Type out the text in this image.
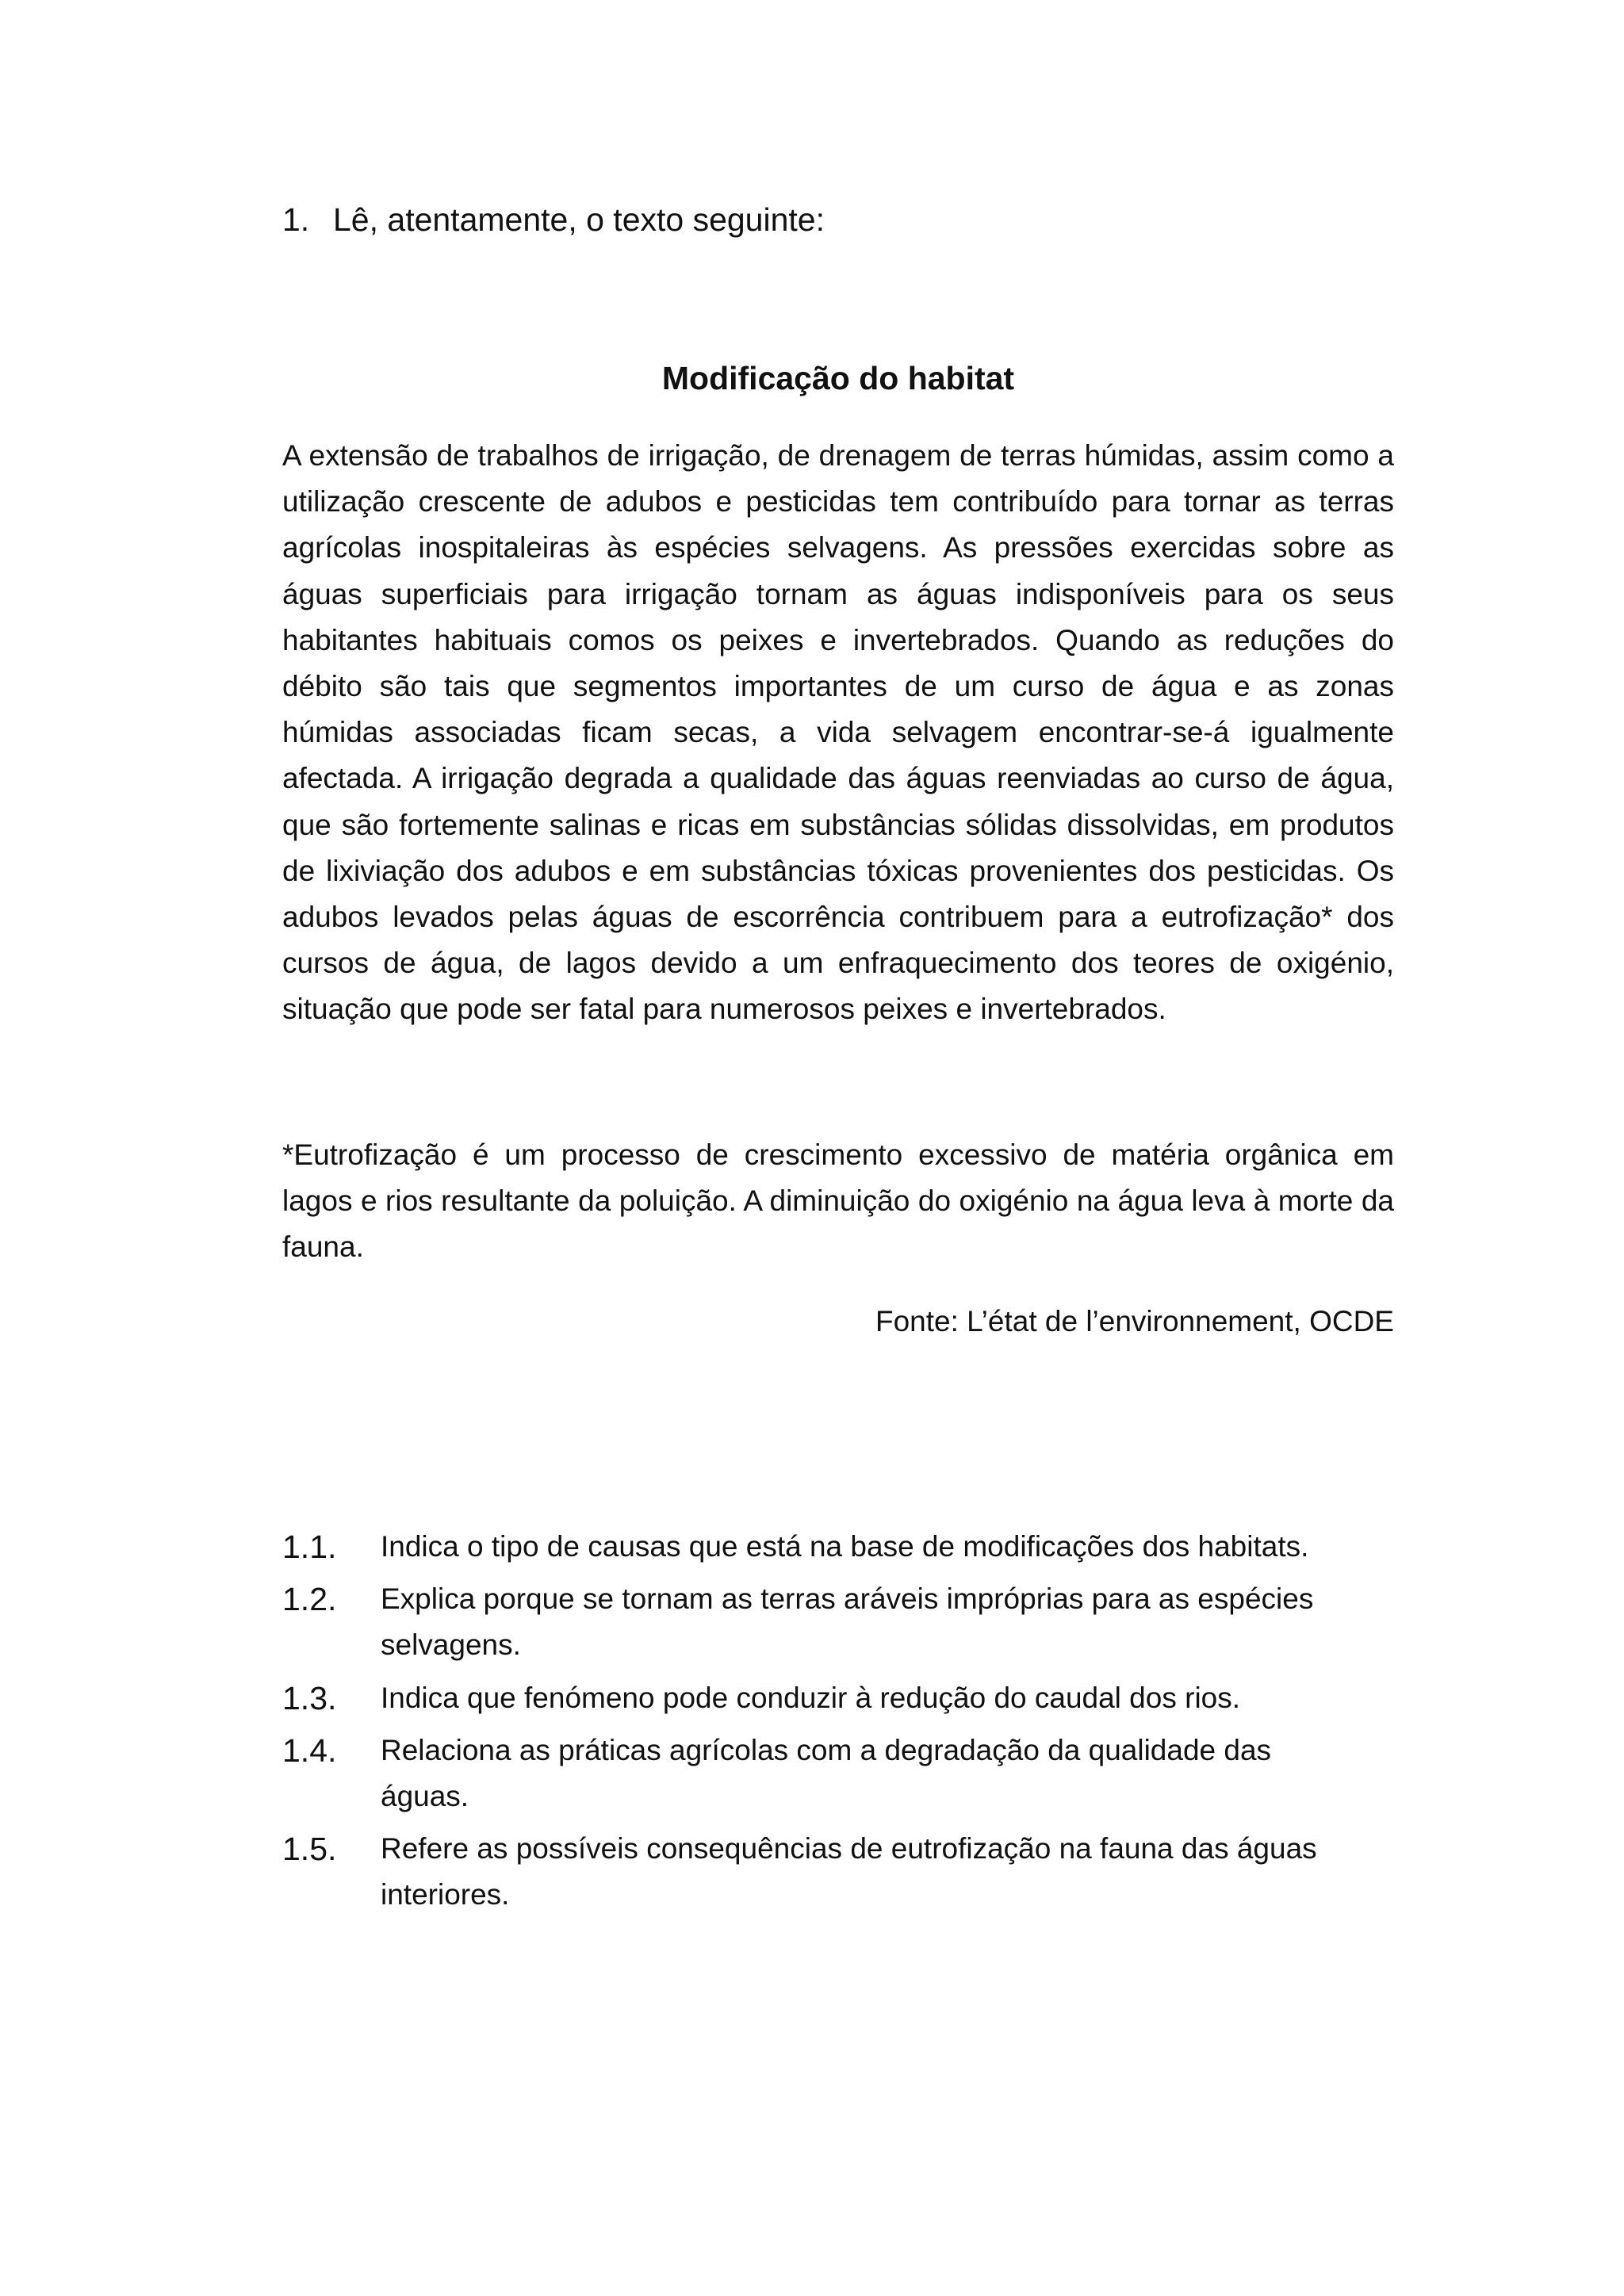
1. Lê, atentamente, o texto seguinte:
Modificação do habitat

A extensão de trabalhos de irrigação, de drenagem de terras húmidas, assim como a utilização crescente de adubos e pesticidas tem contribuído para tornar as terras agrícolas inospitaleiras às espécies selvagens. As pressões exercidas sobre as águas superficiais para irrigação tornam as águas indisponíveis para os seus habitantes habituais comos os peixes e invertebrados. Quando as reduções do débito são tais que segmentos importantes de um curso de água e as zonas húmidas associadas ficam secas, a vida selvagem encontrar-se-á igualmente afectada. A irrigação degrada a qualidade das águas reenviadas ao curso de água, que são fortemente salinas e ricas em substâncias sólidas dissolvidas, em produtos de lixiviação dos adubos e em substâncias tóxicas provenientes dos pesticidas. Os adubos levados pelas águas de escorrência contribuem para a eutrofização* dos cursos de água, de lagos devido a um enfraquecimento dos teores de oxigénio, situação que pode ser fatal para numerosos peixes e invertebrados.

*Eutrofização é um processo de crescimento excessivo de matéria orgânica em lagos e rios resultante da poluição. A diminuição do oxigénio na água leva à morte da fauna.

Fonte: L’état de l’environnement, OCDE
1.1.	Indica o tipo de causas que está na base de modificações dos habitats.
1.2.	Explica porque se tornam as terras aráveis impróprias para as espécies selvagens.
1.3.	Indica que fenómeno pode conduzir à redução do caudal dos rios.
1.4.	Relaciona as práticas agrícolas com a degradação da qualidade das águas.
1.5.	Refere as possíveis consequências de eutrofização na fauna das águas interiores.
